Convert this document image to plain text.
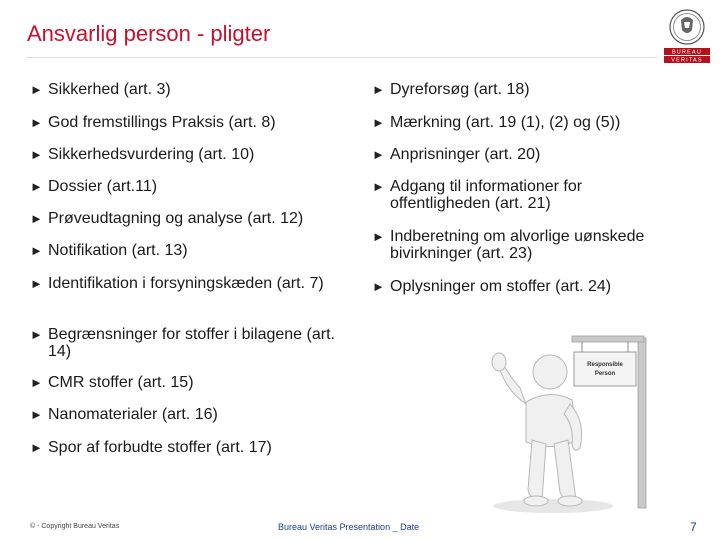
Ansvarlig person - pligter
BUREAU
VERITAS
► Sikkerhed (art. 3)
► God fremstillings Praksis (art. 8)
► Sikkerhedsvurdering (art. 10)
► Dossier (art.11)
► Prøveudtagning og analyse (art. 12)
► Notifikation (art. 13)
► Identifikation i forsyningskæden (art. 7)
► Begrænsninger for stoffer i bilagene (art. 14)
► CMR stoffer (art. 15)
► Nanomaterialer (art. 16)
► Spor af forbudte stoffer (art. 17)
► Dyreforsøg (art. 18)
► Mærkning (art. 19 (1), (2) og (5))
► Anprisninger (art. 20)
► Adgang til informationer for offentligheden (art. 21)
► Indberetning om alvorlige uønskede bivirkninger (art. 23)
► Oplysninger om stoffer (art. 24)
Responsible
Person
© - Copyright Bureau Veritas	Bureau Veritas Presentation _ Date	7
